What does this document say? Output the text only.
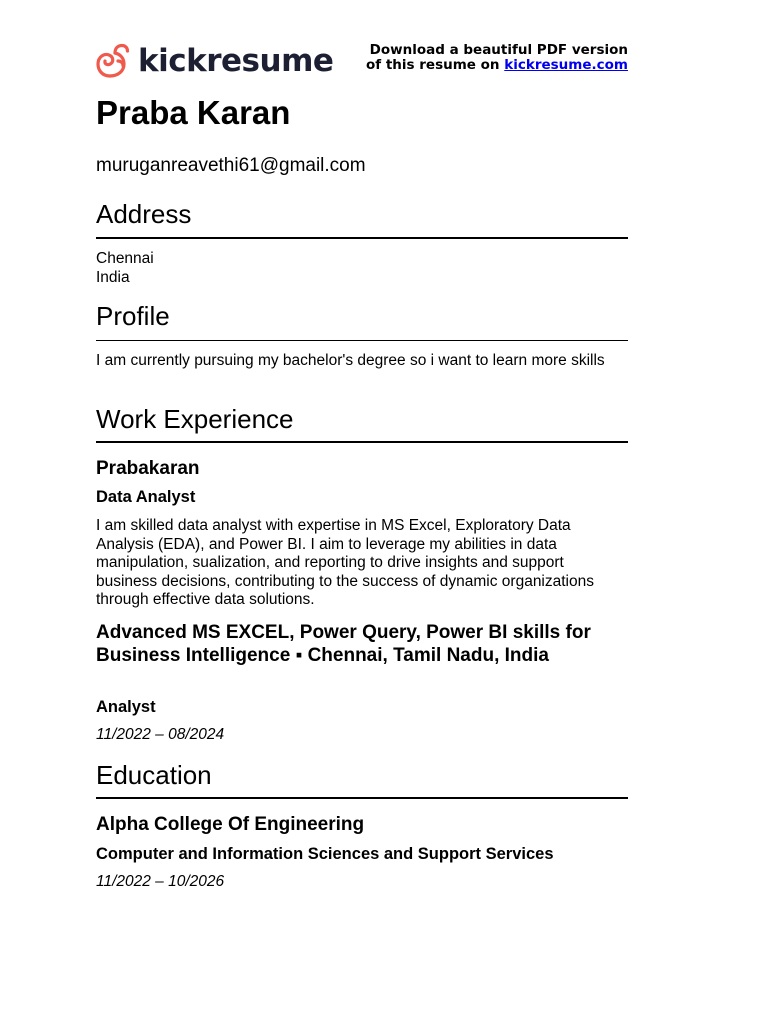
kickresume	Download a beautiful PDF version
of this resume on kickresume.com
Praba Karan
muruganreavethi61@gmail.com
Address
Chennai
India
Profile
I am currently pursuing my bachelor's degree so i want to learn more skills
Work Experience
Prabakaran
Data Analyst
I am skilled data analyst with expertise in MS Excel, Exploratory Data Analysis (EDA), and Power BI. I aim to leverage my abilities in data manipulation, sualization, and reporting to drive insights and support business decisions, contributing to the success of dynamic organizations through effective data solutions.
Advanced MS EXCEL, Power Query, Power BI skills for Business Intelligence ▪ Chennai, Tamil Nadu, India
Analyst
11/2022 – 08/2024
Education
Alpha College Of Engineering
Computer and Information Sciences and Support Services
11/2022 – 10/2026
